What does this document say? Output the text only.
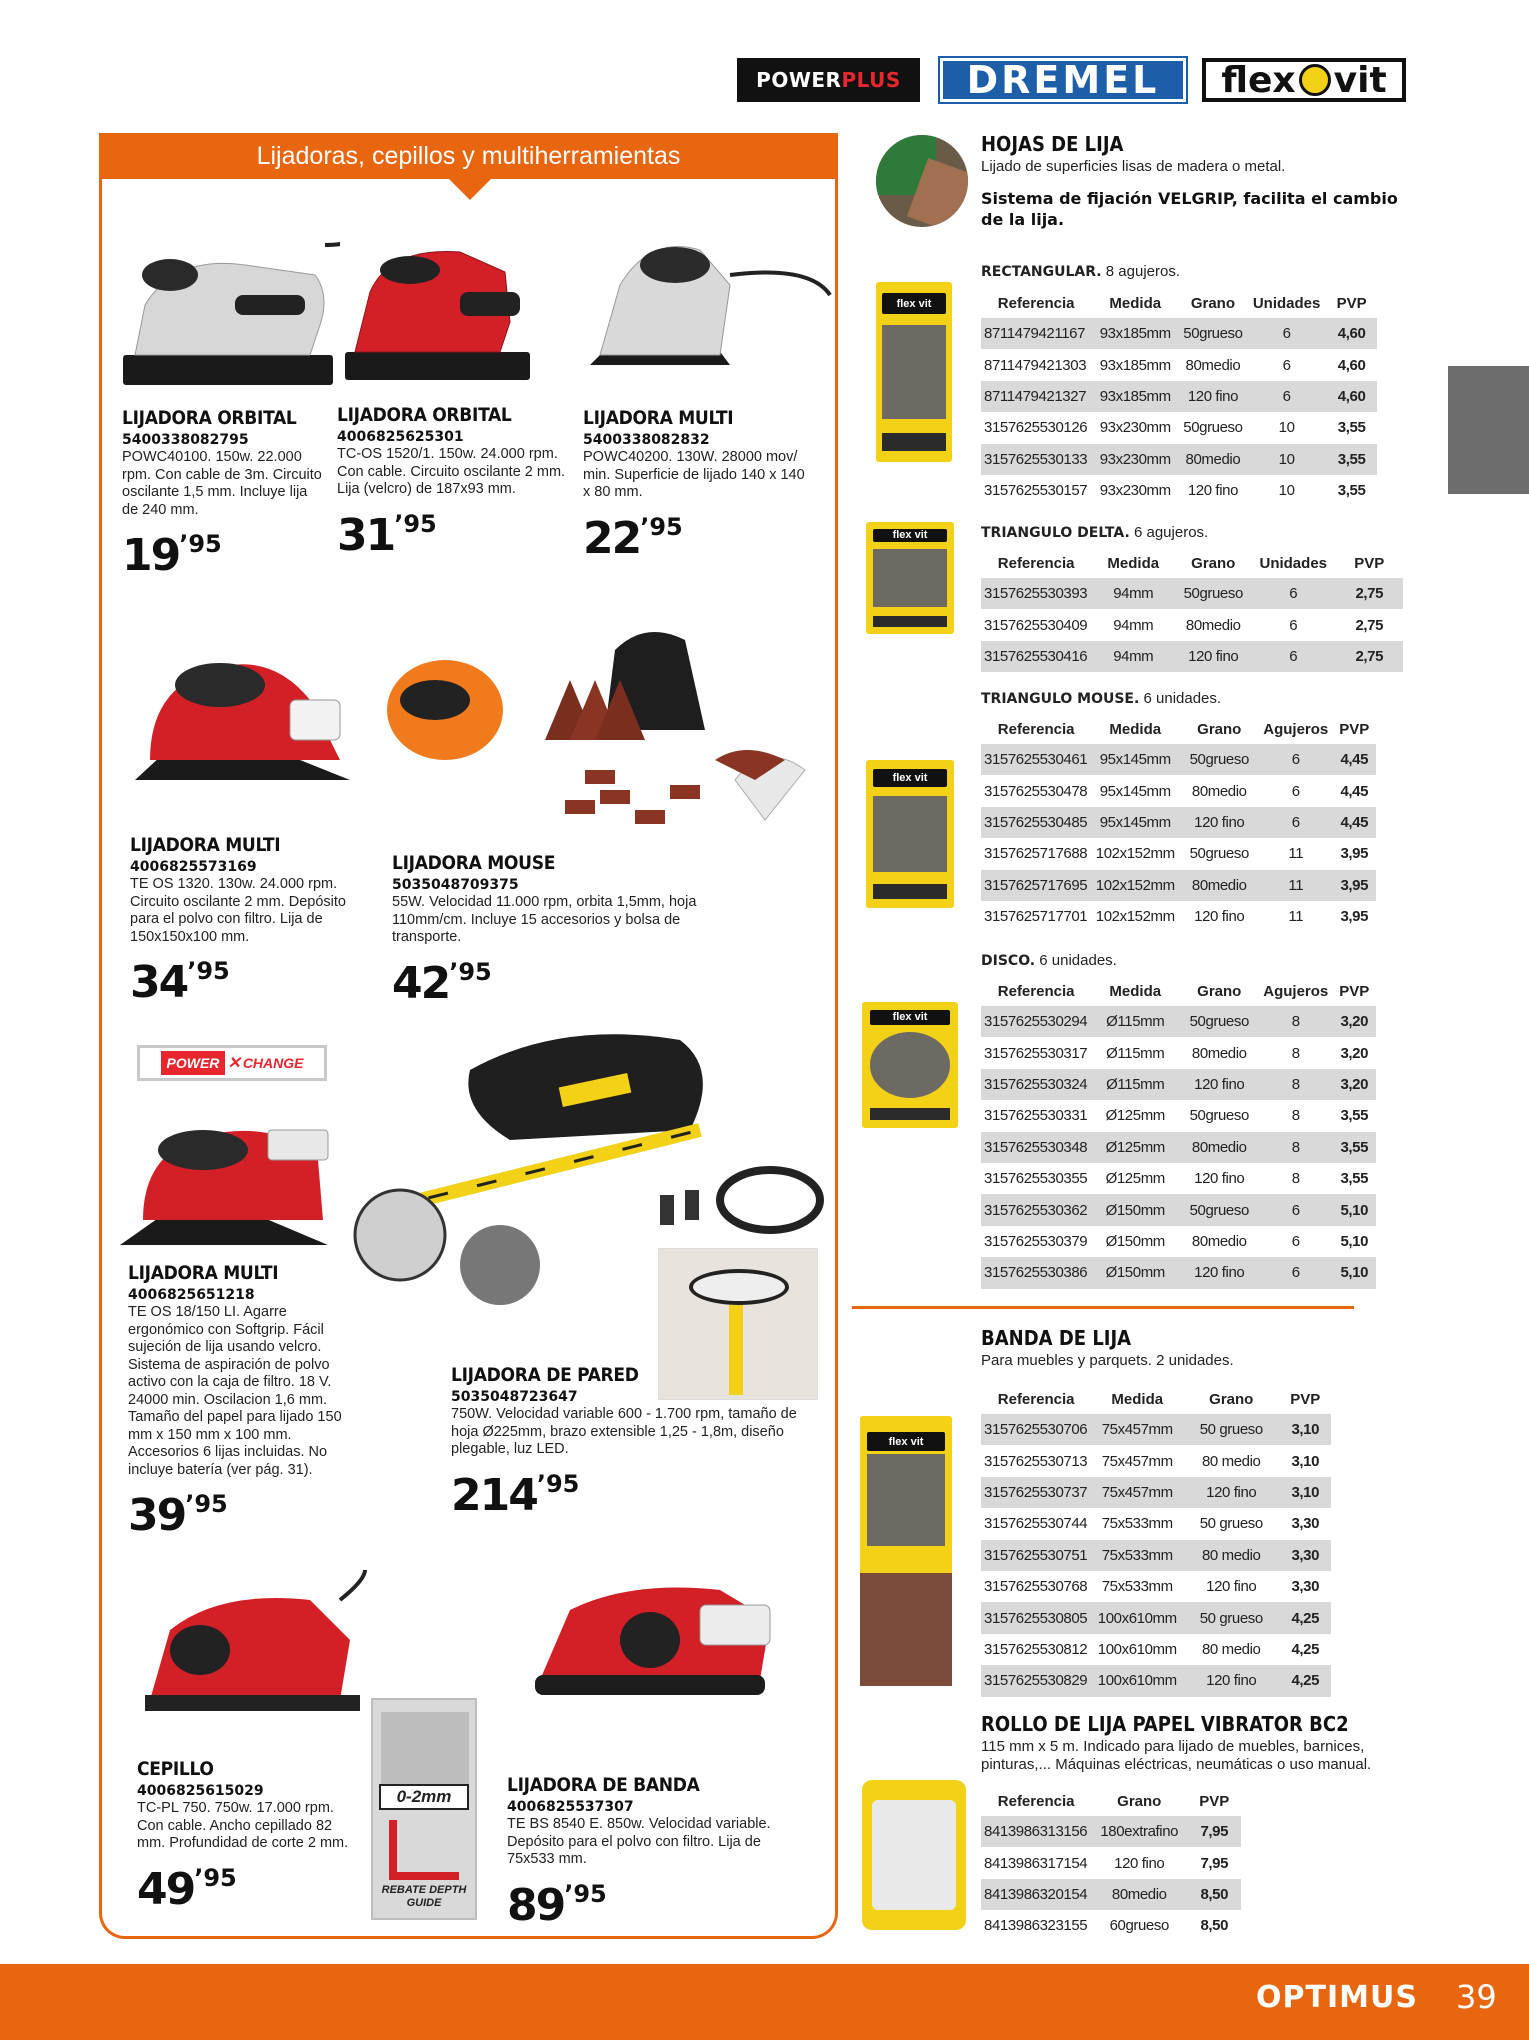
POWER PLUS DREMEL flex vit
Lijadoras, cepillos y multiherramientas
POWER ✕ CHANGE
0-2mm
REBATE DEPTH GUIDE
LIJADORA ORBITAL
5400338082795
POWC40100. 150w. 22.000 rpm. Con cable de 3m. Circuito oscilante 1,5 mm. Incluye lija de 240 mm.
$19^{’95}$
LIJADORA ORBITAL
4006825625301
TC-OS 1520/1. 150w. 24.000 rpm. Con cable. Circuito oscilante 2 mm. Lija (velcro) de 187x93 mm.
$31^{’95}$
LIJADORA MULTI
5400338082832
POWC40200. 130W. 28000 mov/ min. Superficie de lijado 140 x 140 x 80 mm.
$22^{’95}$
LIJADORA MULTI
4006825573169
TE OS 1320. 130w. 24.000 rpm. Circuito oscilante 2 mm. Depósito para el polvo con filtro. Lija de 150x150x100 mm.
$34^{’95}$
LIJADORA MOUSE
5035048709375
55W. Velocidad 11.000 rpm, orbita 1,5mm, hoja 110mm/cm. Incluye 15 accesorios y bolsa de transporte.
$42^{’95}$
LIJADORA MULTI
4006825651218
TE OS 18/150 LI. Agarre ergonómico con Softgrip. Fácil sujeción de lija usando velcro. Sistema de aspiración de polvo activo con la caja de filtro. 18 V. 24000 min. Oscilacion 1,6 mm. Tamaño del papel para lijado 150 mm x 150 mm x 100 mm. Accesorios 6 lijas incluidas. No incluye batería (ver pág. 31).
$39^{’95}$
LIJADORA DE PARED
5035048723647
750W. Velocidad variable 600 - 1.700 rpm, tamaño de hoja Ø225mm, brazo extensible 1,25 - 1,8m, diseño plegable, luz LED.
$214^{’95}$
CEPILLO
4006825615029
TC-PL 750. 750w. 17.000 rpm. Con cable. Ancho cepillado 82 mm. Profundidad de corte 2 mm.
$49^{’95}$
LIJADORA DE BANDA
4006825537307
TE BS 8540 E. 850w. Velocidad variable. Depósito para el polvo con filtro. Lija de 75x533 mm.
$89^{’95}$
HOJAS DE LIJA
Lijado de superficies lisas de madera o metal.
Sistema de fijación VELGRIP, facilita el cambio de la lija.
flex vit
flex vit
flex vit
flex vit
flex vit
RECTANGULAR. 8 agujeros.
TRIANGULO DELTA. 6 agujeros.
TRIANGULO MOUSE. 6 unidades.
DISCO. 6 unidades.
Referencia	Medida	Grano	Unidades	PVP
8711479421167	93x185mm	50grueso	6	4,60
8711479421303	93x185mm	80medio	6	4,60
8711479421327	93x185mm	120 fino	6	4,60
3157625530126	93x230mm	50grueso	10	3,55
3157625530133	93x230mm	80medio	10	3,55
3157625530157	93x230mm	120 fino	10	3,55
Referencia	Medida	Grano	Unidades	PVP
3157625530393	94mm	50grueso	6	2,75
3157625530409	94mm	80medio	6	2,75
3157625530416	94mm	120 fino	6	2,75
Referencia	Medida	Grano	Agujeros	PVP
3157625530461	95x145mm	50grueso	6	4,45
3157625530478	95x145mm	80medio	6	4,45
3157625530485	95x145mm	120 fino	6	4,45
3157625717688	102x152mm	50grueso	11	3,95
3157625717695	102x152mm	80medio	11	3,95
3157625717701	102x152mm	120 fino	11	3,95
Referencia	Medida	Grano	Agujeros	PVP
3157625530294	Ø115mm	50grueso	8	3,20
3157625530317	Ø115mm	80medio	8	3,20
3157625530324	Ø115mm	120 fino	8	3,20
3157625530331	Ø125mm	50grueso	8	3,55
3157625530348	Ø125mm	80medio	8	3,55
3157625530355	Ø125mm	120 fino	8	3,55
3157625530362	Ø150mm	50grueso	6	5,10
3157625530379	Ø150mm	80medio	6	5,10
3157625530386	Ø150mm	120 fino	6	5,10
BANDA DE LIJA
Para muebles y parquets. 2 unidades.
Referencia	Medida	Grano	PVP
3157625530706	75x457mm	50 grueso	3,10
3157625530713	75x457mm	80 medio	3,10
3157625530737	75x457mm	120 fino	3,10
3157625530744	75x533mm	50 grueso	3,30
3157625530751	75x533mm	80 medio	3,30
3157625530768	75x533mm	120 fino	3,30
3157625530805	100x610mm	50 grueso	4,25
3157625530812	100x610mm	80 medio	4,25
3157625530829	100x610mm	120 fino	4,25
ROLLO DE LIJA PAPEL VIBRATOR BC2
115 mm x 5 m. Indicado para lijado de muebles, barnices, pinturas,... Máquinas eléctricas, neumáticas o uso manual.
Referencia	Grano	PVP
8413986313156	180extrafino	7,95
8413986317154	120 fino	7,95
8413986320154	80medio	8,50
8413986323155	60grueso	8,50
OPTIMUS 39
